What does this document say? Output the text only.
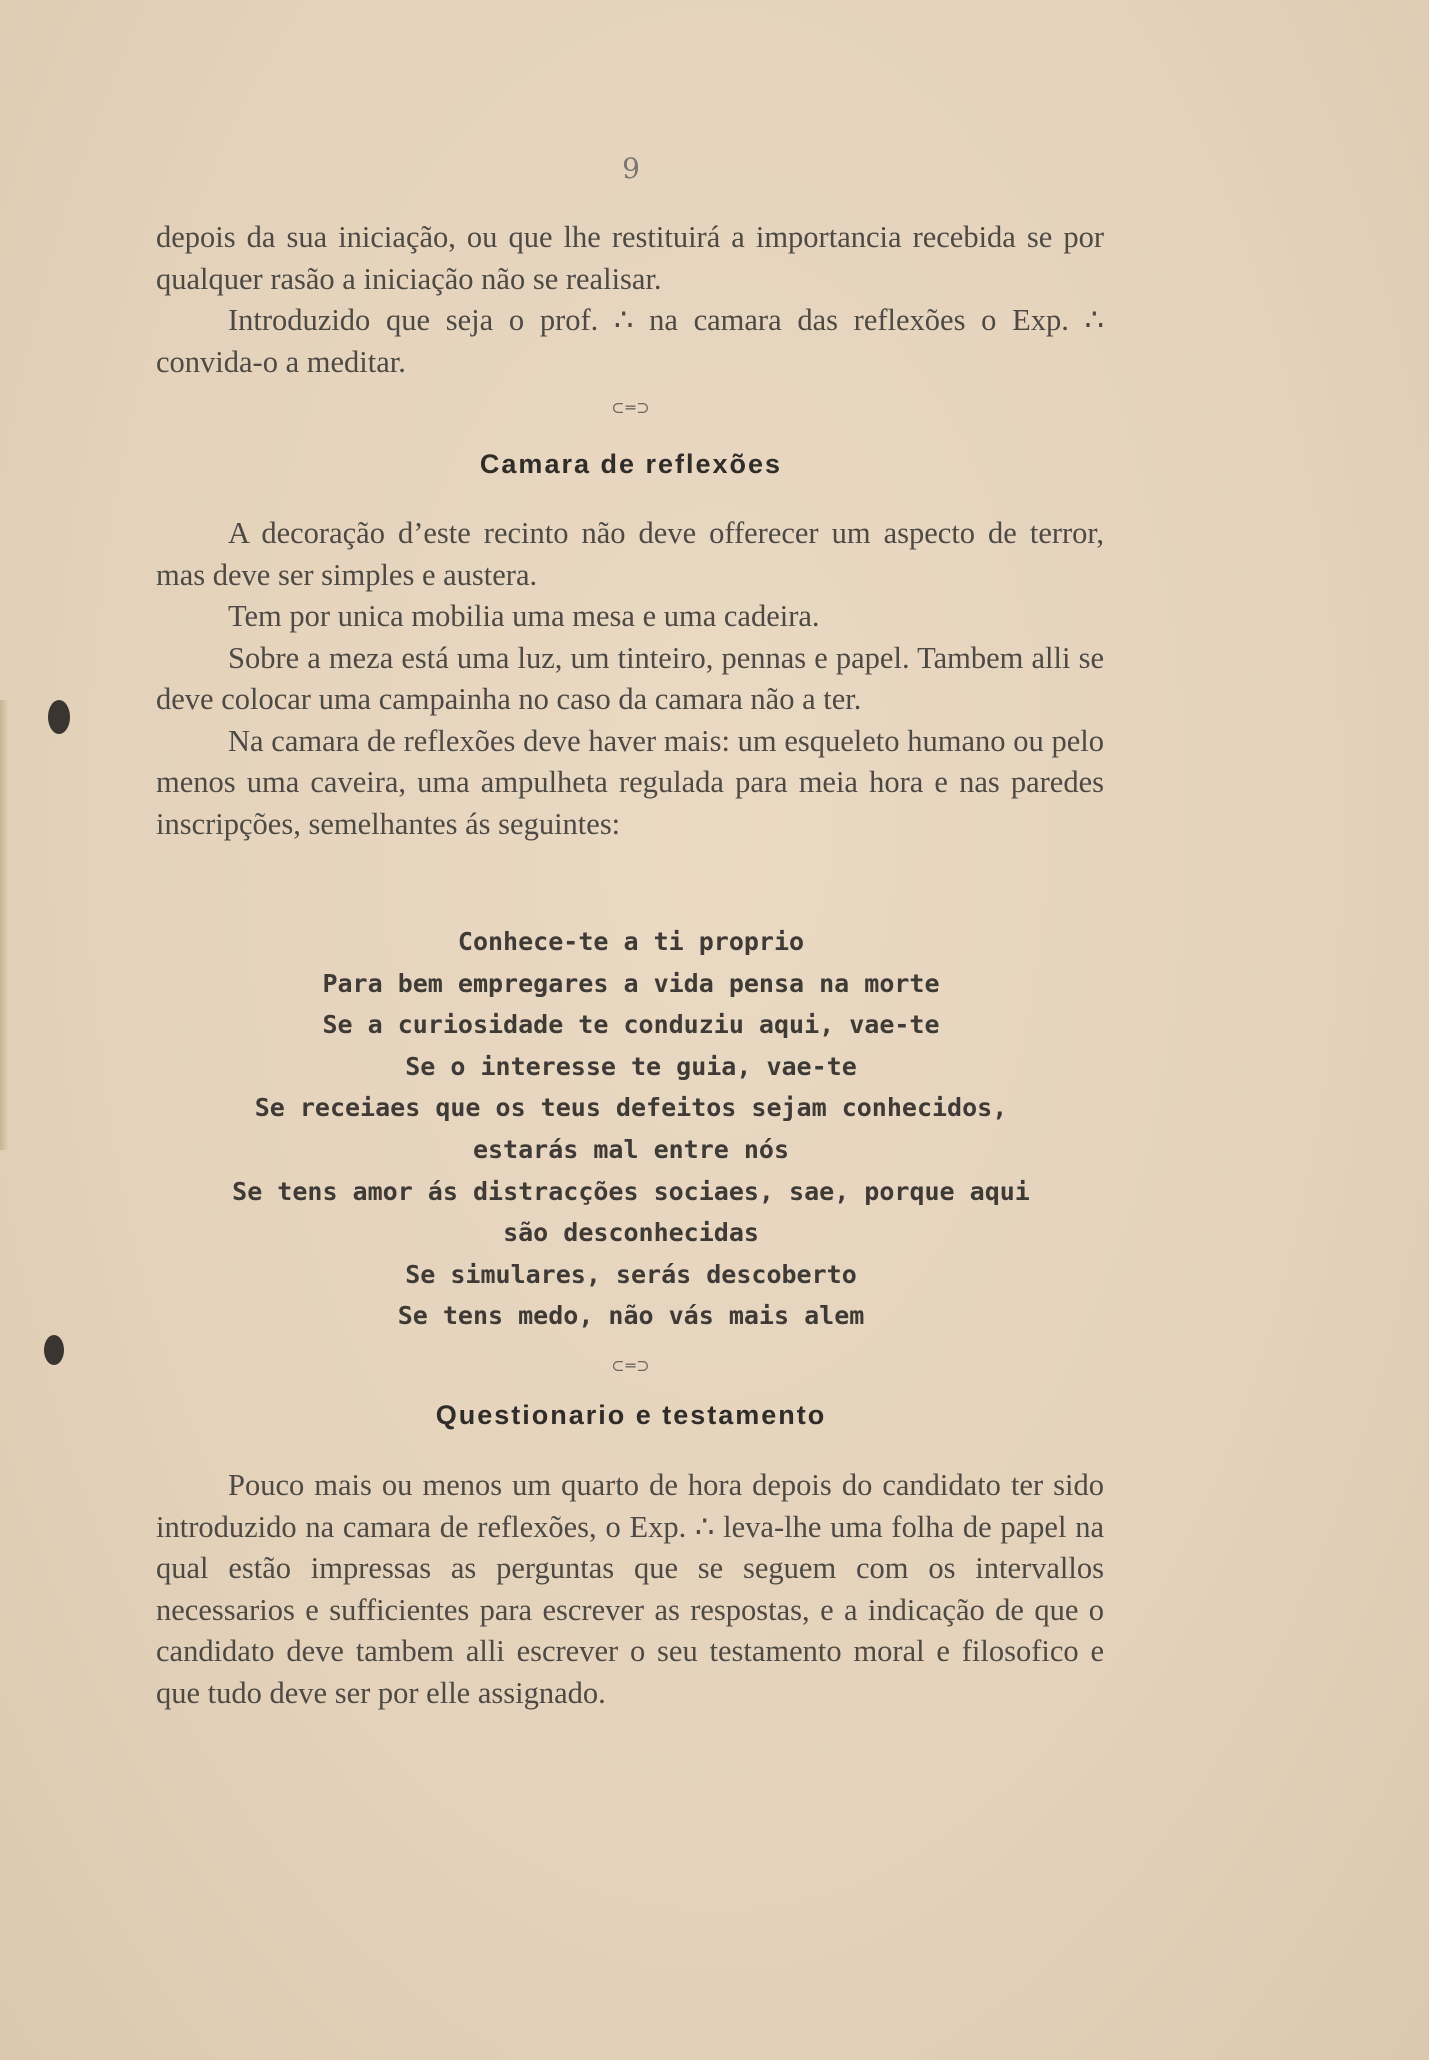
9

depois da sua iniciação, ou que lhe restituirá a importancia recebida se por qualquer rasão a iniciação não se realisar.

Introduzido que seja o prof. ∴ na camara das reflexões o Exp. ∴ convida-o a meditar.

⊂═⊃
Camara de reflexões

A decoração d’este recinto não deve offerecer um aspecto de terror, mas deve ser simples e austera.

Tem por unica mobilia uma mesa e uma cadeira.

Sobre a meza está uma luz, um tinteiro, pennas e papel. Tambem alli se deve colocar uma campainha no caso da camara não a ter.

Na camara de reflexões deve haver mais: um esqueleto humano ou pelo menos uma caveira, uma ampulheta regulada para meia hora e nas paredes inscripções, semelhantes ás seguintes:

Conhece-te a ti proprio
Para bem empregares a vida pensa na morte
Se a curiosidade te conduziu aqui, vae-te
Se o interesse te guia, vae-te
Se receiaes que os teus defeitos sejam conhecidos,
estarás mal entre nós
Se tens amor ás distracções sociaes, sae, porque aqui
são desconhecidas
Se simulares, serás descoberto
Se tens medo, não vás mais alem
⊂═⊃
Questionario e testamento

Pouco mais ou menos um quarto de hora depois do candidato ter sido introduzido na camara de reflexões, o Exp. ∴ leva-lhe uma folha de papel na qual estão impressas as perguntas que se seguem com os intervallos necessarios e sufficientes para escrever as respostas, e a indicação de que o candidato deve tambem alli escrever o seu testamento moral e filosofico e que tudo deve ser por elle assignado.
